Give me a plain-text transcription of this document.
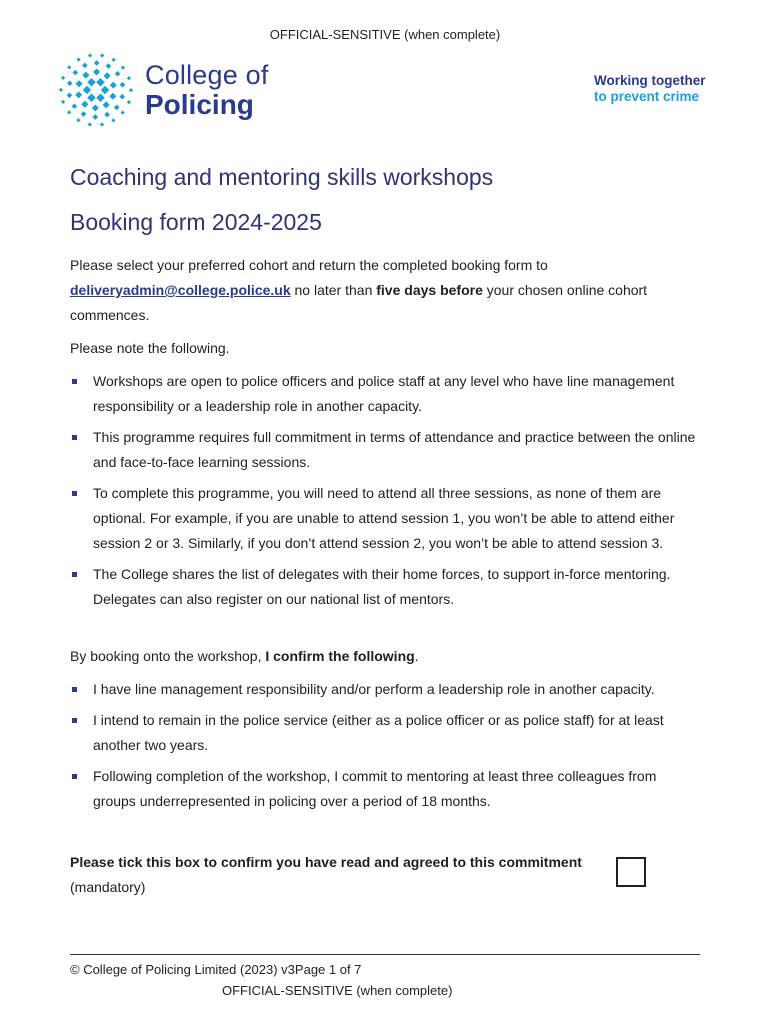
OFFICIAL-SENSITIVE (when complete)
College of
Policing
Working together
to prevent crime
Coaching and mentoring skills workshops
Booking form 2024-2025

Please select your preferred cohort and return the completed booking form to deliveryadmin@college.police.uk no later than five days before your chosen online cohort commences.

Please note the following.

Workshops are open to police officers and police staff at any level who have line management responsibility or a leadership role in another capacity.
This programme requires full commitment in terms of attendance and practice between the online and face-to-face learning sessions.
To complete this programme, you will need to attend all three sessions, as none of them are optional. For example, if you are unable to attend session 1, you won’t be able to attend either session 2 or 3. Similarly, if you don’t attend session 2, you won’t be able to attend session 3.
The College shares the list of delegates with their home forces, to support in-force mentoring. Delegates can also register on our national list of mentors.

By booking onto the workshop, I confirm the following.

I have line management responsibility and/or perform a leadership role in another capacity.
I intend to remain in the police service (either as a police officer or as police staff) for at least another two years.
Following completion of the workshop, I commit to mentoring at least three colleagues from groups underrepresented in policing over a period of 18 months.
Please tick this box to confirm you have read and agreed to this commitment (mandatory)
© College of Policing Limited (2023) v3Page 1 of 7
OFFICIAL-SENSITIVE (when complete)
